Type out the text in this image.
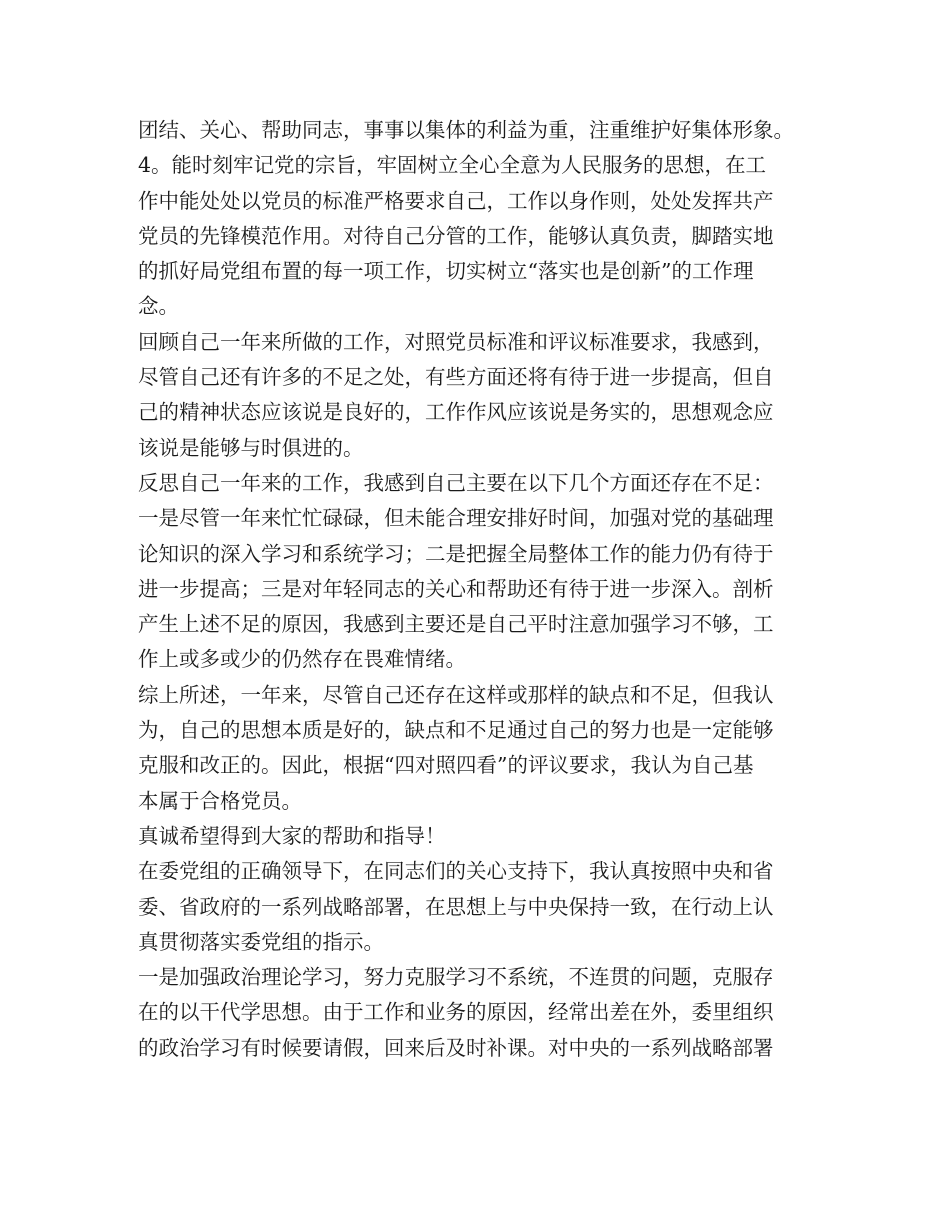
团结、关心、帮助同志，事事以集体的利益为重，注重维护好集体形象。
4。能时刻牢记党的宗旨，牢固树立全心全意为人民服务的思想，在工
作中能处处以党员的标准严格要求自己，工作以身作则，处处发挥共产
党员的先锋模范作用。对待自己分管的工作，能够认真负责，脚踏实地
的抓好局党组布置的每一项工作，切实树立“落实也是创新”的工作理
念。
回顾自己一年来所做的工作，对照党员标准和评议标准要求，我感到，
尽管自己还有许多的不足之处，有些方面还将有待于进一步提高，但自
己的精神状态应该说是良好的，工作作风应该说是务实的，思想观念应
该说是能够与时俱进的。
反思自己一年来的工作，我感到自己主要在以下几个方面还存在不足：
一是尽管一年来忙忙碌碌，但未能合理安排好时间，加强对党的基础理
论知识的深入学习和系统学习；二是把握全局整体工作的能力仍有待于
进一步提高；三是对年轻同志的关心和帮助还有待于进一步深入。剖析
产生上述不足的原因，我感到主要还是自己平时注意加强学习不够，工
作上或多或少的仍然存在畏难情绪。
综上所述，一年来，尽管自己还存在这样或那样的缺点和不足，但我认
为，自己的思想本质是好的，缺点和不足通过自己的努力也是一定能够
克服和改正的。因此，根据“四对照四看”的评议要求，我认为自己基
本属于合格党员。
真诚希望得到大家的帮助和指导！
在委党组的正确领导下，在同志们的关心支持下，我认真按照中央和省
委、省政府的一系列战略部署，在思想上与中央保持一致，在行动上认
真贯彻落实委党组的指示。
一是加强政治理论学习，努力克服学习不系统，不连贯的问题，克服存
在的以干代学思想。由于工作和业务的原因，经常出差在外，委里组织
的政治学习有时候要请假，回来后及时补课。对中央的一系列战略部署
